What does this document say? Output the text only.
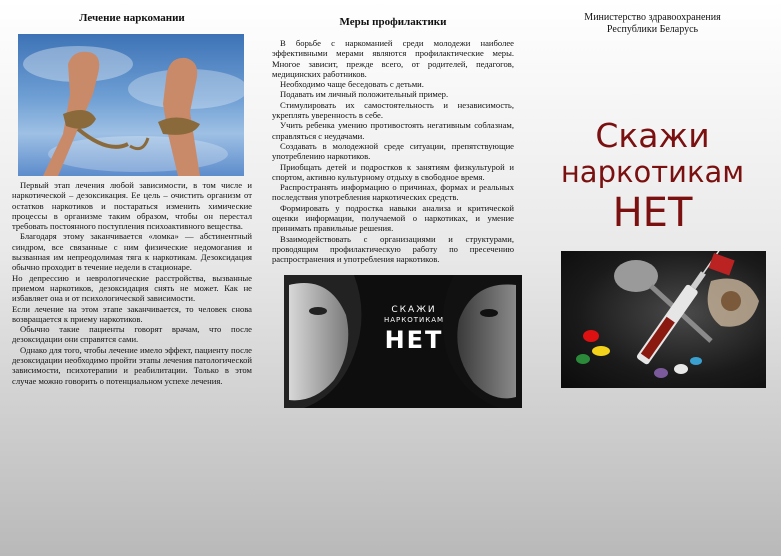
Лечение наркомании

Первый этап лечения любой зависимости, в том числе и наркотической – дезоксикация. Ее цель – очистить организм от остатков наркотиков и постараться изменить химические процессы в организме таким образом, чтобы он перестал требовать постоянного поступления психоактивного вещества.

Благодаря этому заканчивается «ломка» — абстинентный синдром, все связанные с ним физические недомогания и вызванная им непреодолимая тяга к наркотикам. Дезоксидация обычно проходит в течение недели в стационаре.

Но депрессию и неврологические расстройства, вызванные приемом наркотиков, дезоксидация снять не может. Как не избавляет она и от психологической зависимости.

Если лечение на этом этапе заканчивается, то человек снова возвращается к приему наркотиков.

Обычно такие пациенты говорят врачам, что после дезоксидации они справятся сами.

Однако для того, чтобы лечение имело эффект, пациенту после дезоксидации необходимо пройти этапы лечения патологической зависимости, психотерапии и реабилитации. Только в этом случае можно говорить о потенциальном успехе лечения.

Меры профилактики

В борьбе с наркоманией среди молодежи наиболее эффективными мерами являются профилактические меры. Многое зависит, прежде всего, от родителей, педагогов, медицинских работников.

Необходимо чаще беседовать с детьми.

Подавать им личный положительный пример.

Стимулировать их самостоятельность и независимость, укреплять уверенность в себе.

Учить ребенка умению противостоять негативным соблазнам, справляться с неудачами.

Создавать в молодежной среде ситуации, препятствующие употреблению наркотиков.

Приобщать детей и подростков к занятиям физкультурой и спортом, активно культурному отдыху в свободное время.

Распространять информацию о причинах, формах и реальных последствия употребления наркотических средств.

Формировать у подростка навыки анализа и критической оценки информации, получаемой о наркотиках, и умение принимать правильные решения.

Взаимодействовать с организациями и структурами, проводящим профилактическую работу по пресечению распространения и употребления наркотиков.

СКАЖИ
НАРКОТИКАМ
НЕТ
Министерство здравоохранения
Республики Беларусь
Скажи
наркотикам
НЕТ
